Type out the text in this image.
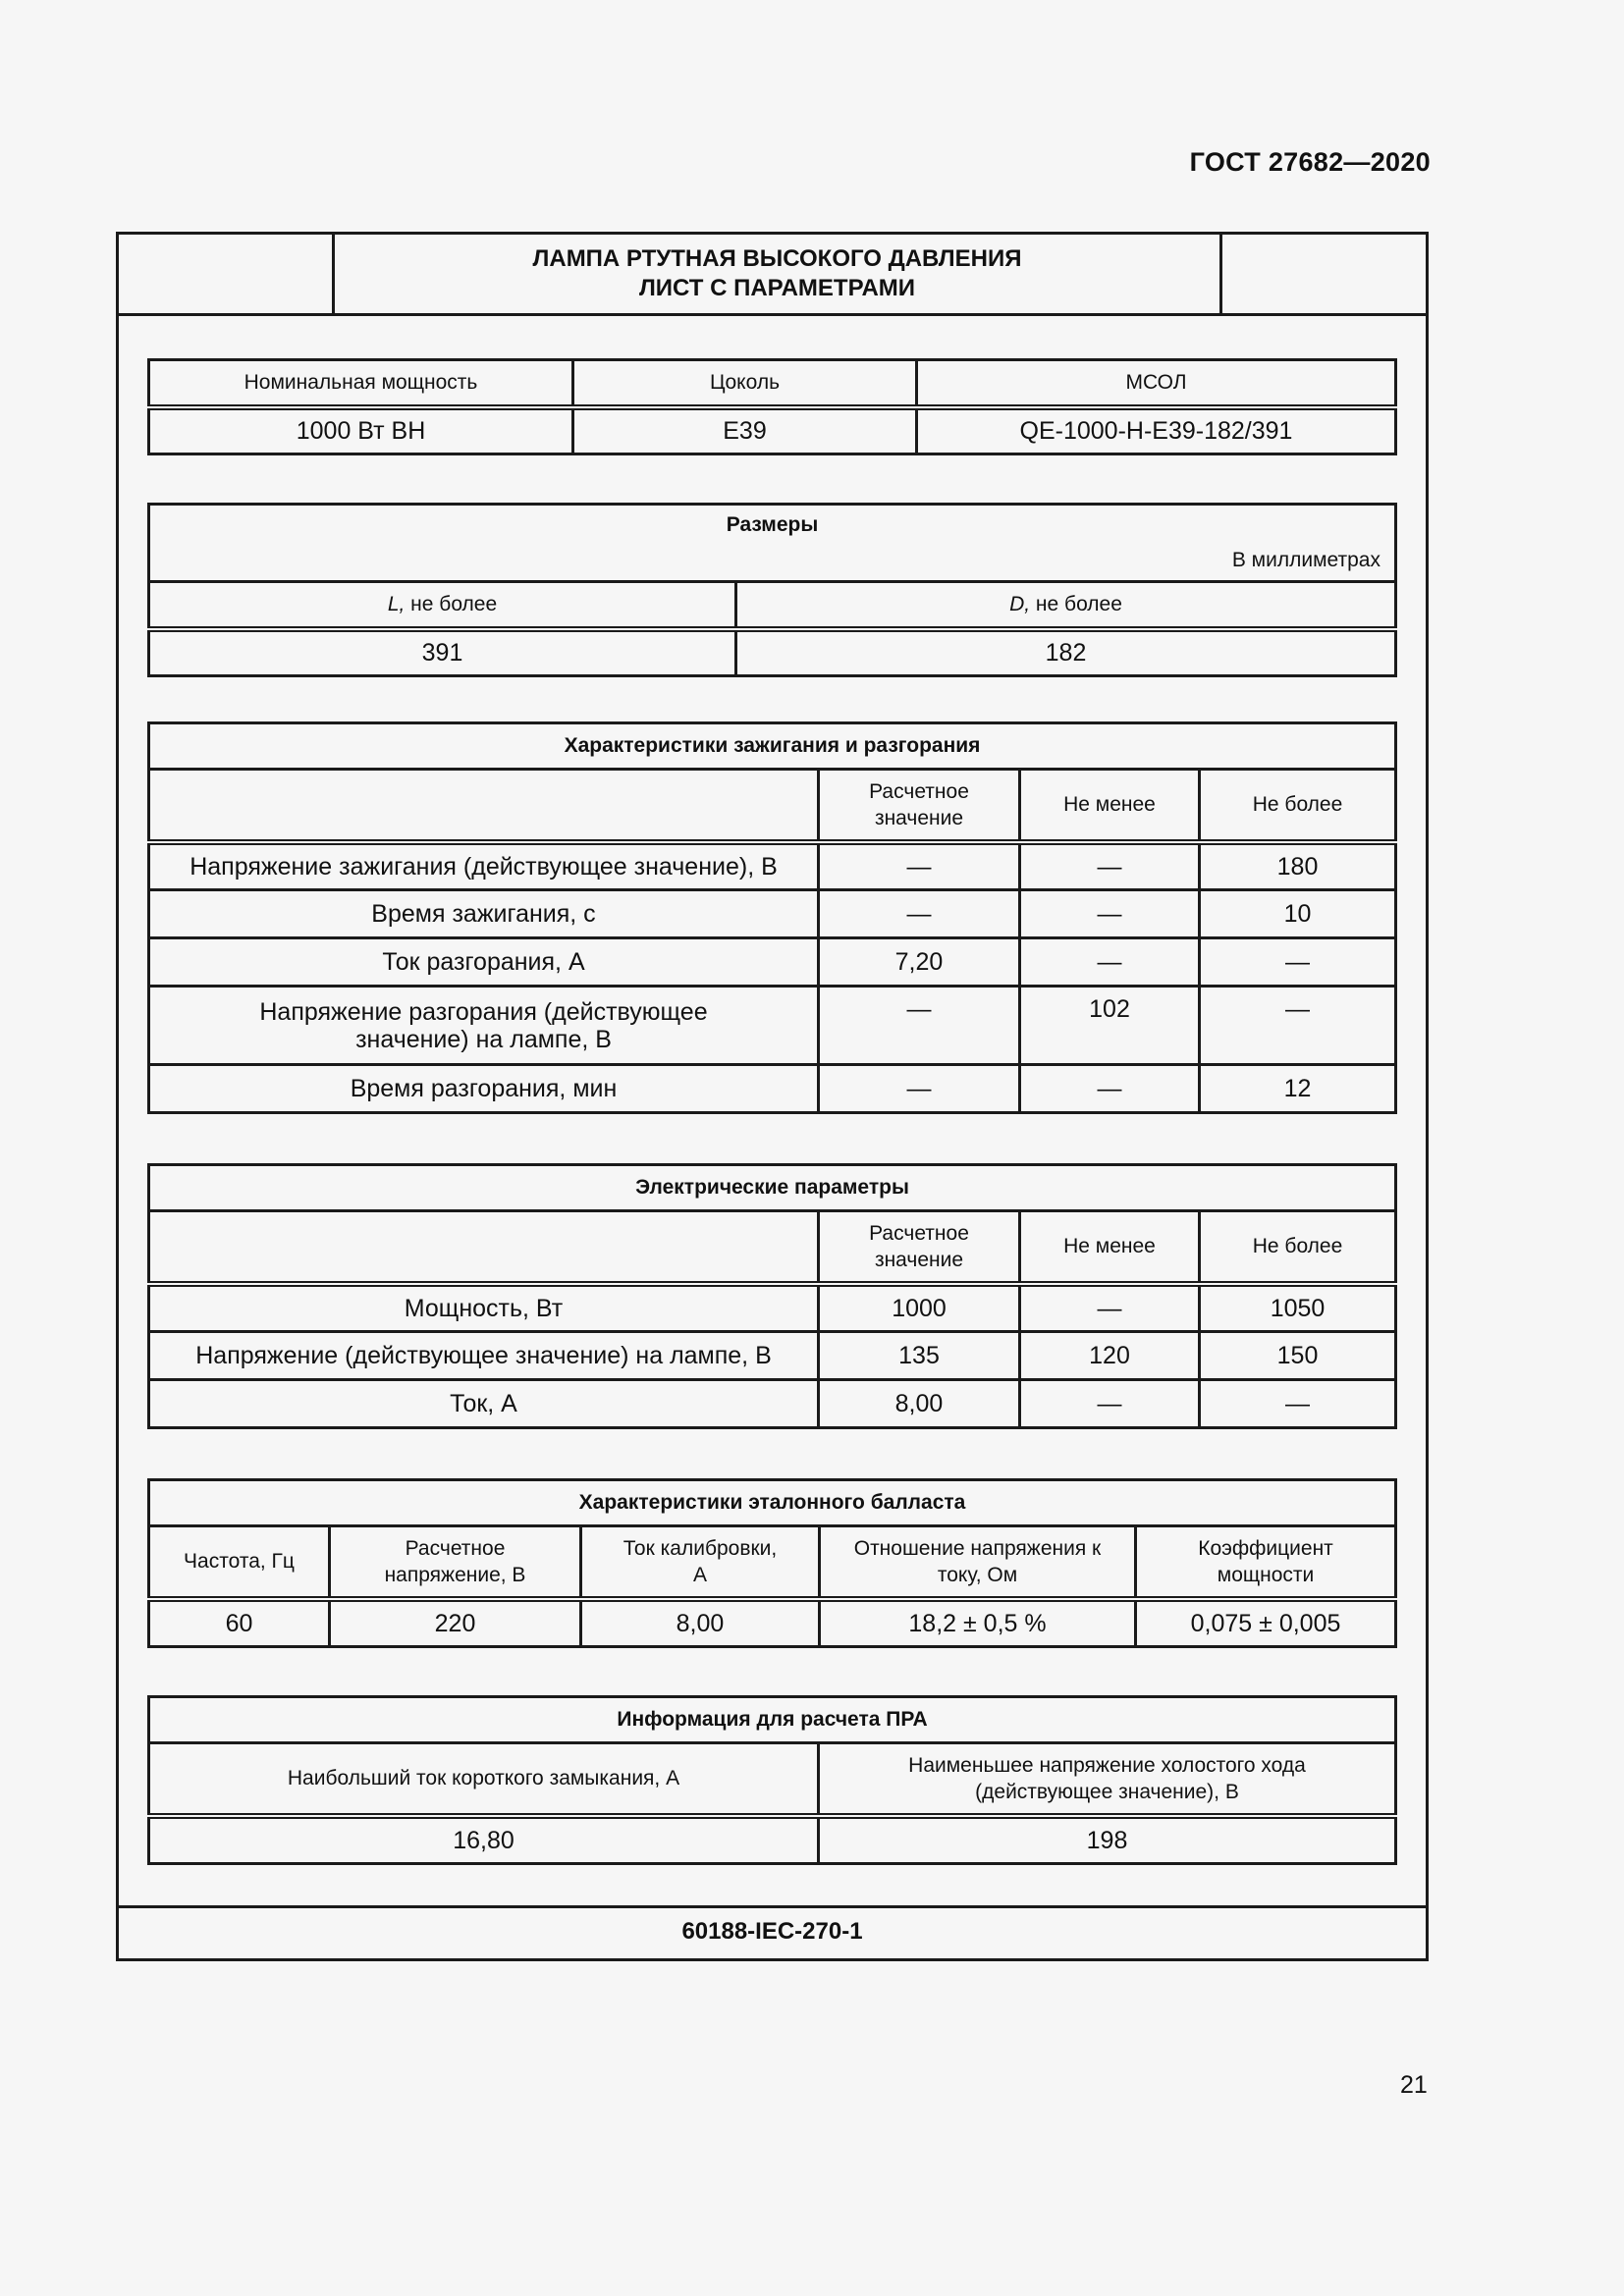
ГОСТ 27682—2020
ЛАМПА РТУТНАЯ ВЫСОКОГО ДАВЛЕНИЯ
ЛИСТ С ПАРАМЕТРАМИ
60188-IEC-270-1
Номинальная мощность	Цоколь	МСОЛ
1000 Вт ВН	E39	QE-1000-H-E39-182/391
Размеры
В миллиметрах	

L, не более	D, не более
391	182
Характеристики зажигания и разгорания			
	Расчетное значение	Не менее	Не более
Напряжение зажигания (действующее значение), В	—	—	180
Время зажигания, с	—	—	10
Ток разгорания, А	7,20	—	—
Напряжение разгорания (действующее значение) на лампе, В	—	102	—
Время разгорания, мин	—	—	12
Электрические параметры			
	Расчетное значение	Не менее	Не более
Мощность, Вт	1000	—	1050
Напряжение (действующее значение) на лампе, В	135	120	150
Ток, А	8,00	—	—
Характеристики эталонного балласта				
Частота, Гц	Расчетное напряжение, В	Ток калибровки, А	Отношение напряжения к току, Ом	Коэффициент мощности
60	220	8,00	18,2 ± 0,5 %	0,075 ± 0,005
Информация для расчета ПРА	
Наибольший ток короткого замыкания, А	Наименьшее напряжение холостого хода (действующее значение), В
16,80	198
21
